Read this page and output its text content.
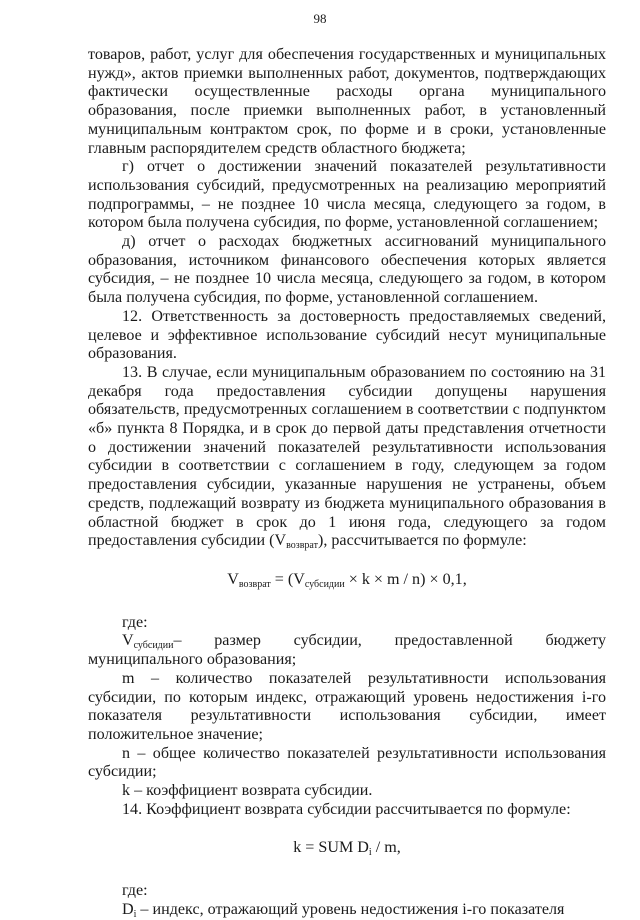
98

товаров, работ, услуг для обеспечения государственных и муниципальных нужд», актов приемки выполненных работ, документов, подтверждающих фактически осуществленные расходы органа муниципального образования, после приемки выполненных работ, в установленный муниципальным контрактом срок, по форме и в сроки, установленные главным распорядителем средств областного бюджета;

г) отчет о достижении значений показателей результативности использования субсидий, предусмотренных на реализацию мероприятий подпрограммы, – не позднее 10 числа месяца, следующего за годом, в котором была получена субсидия, по форме, установленной соглашением;

д) отчет о расходах бюджетных ассигнований муниципального образования, источником финансового обеспечения которых является субсидия, – не позднее 10 числа месяца, следующего за годом, в котором была получена субсидия, по форме, установленной соглашением.

12. Ответственность за достоверность предоставляемых сведений, целевое и эффективное использование субсидий несут муниципальные образования.

13. В случае, если муниципальным образованием по состоянию на 31 декабря года предоставления субсидии допущены нарушения обязательств, предусмотренных соглашением в соответствии с подпунктом «б» пункта 8 Порядка, и в срок до первой даты представления отчетности о достижении значений показателей результативности использования субсидии в соответствии с соглашением в году, следующем за годом предоставления субсидии, указанные нарушения не устранены, объем средств, подлежащий возврату из бюджета муниципального образования в областной бюджет в срок до 1 июня года, следующего за годом предоставления субсидии $(V_{возврат})$, рассчитывается по формуле:

$V_{возврат} = (V_{субсидии} \times k \times m / n) \times 0,1$,

где:

$V_{субсидии}-$ размер субсидии, предоставленной бюджету муниципального образования;

m – количество показателей результативности использования субсидии, по которым индекс, отражающий уровень недостижения i-го показателя результативности использования субсидии, имеет положительное значение;

n – общее количество показателей результативности использования субсидии;

k – коэффициент возврата субсидии.

14. Коэффициент возврата субсидии рассчитывается по формуле:

k = SUM $D_i$ / m,

где:

$D_i$ – индекс, отражающий уровень недостижения i-го показателя
